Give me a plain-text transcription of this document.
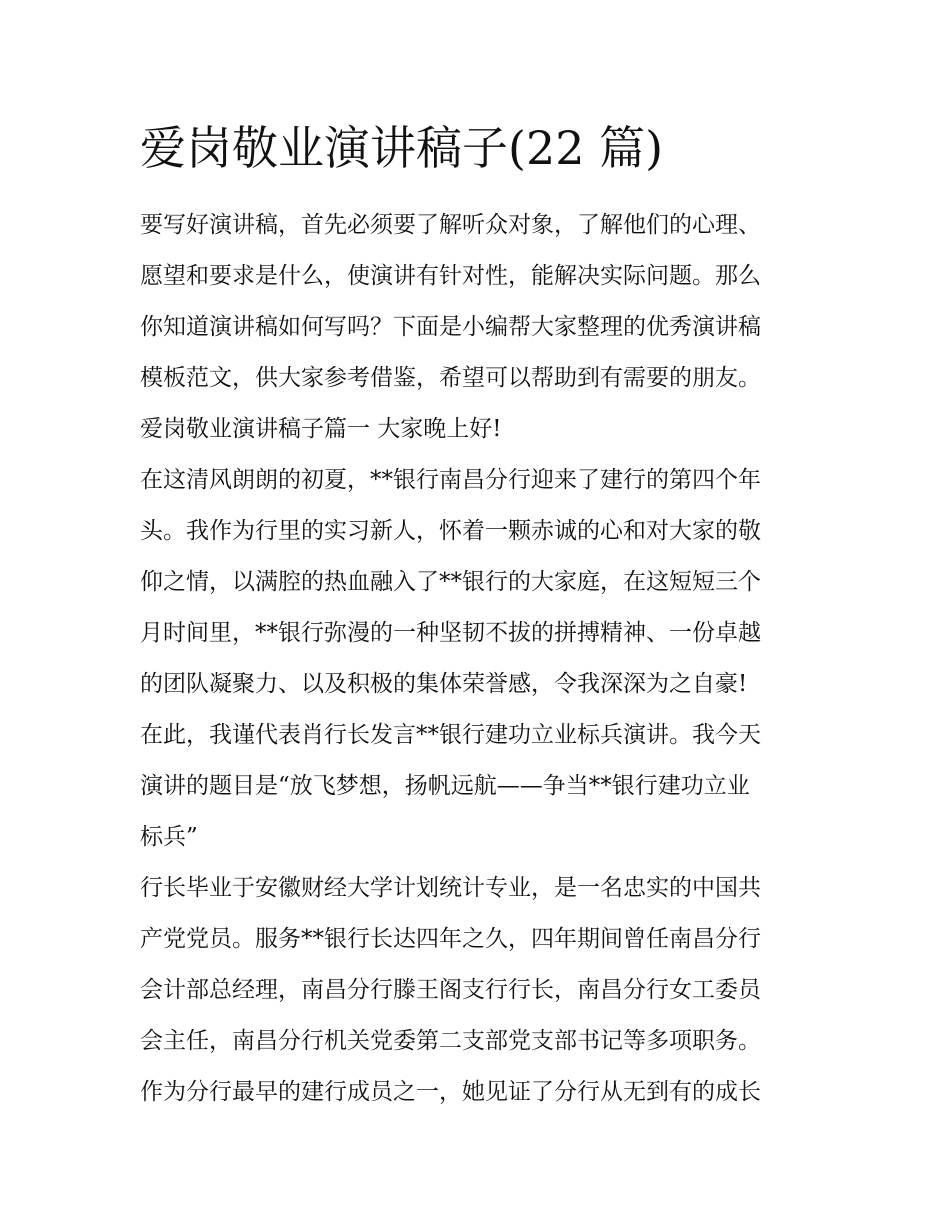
爱岗敬业演讲稿子(22 篇)
要写好演讲稿，首先必须要了解听众对象，了解他们的心理、
愿望和要求是什么，使演讲有针对性，能解决实际问题。那么
你知道演讲稿如何写吗？下面是小编帮大家整理的优秀演讲稿
模板范文，供大家参考借鉴，希望可以帮助到有需要的朋友。
爱岗敬业演讲稿子篇一 大家晚上好!
在这清风朗朗的初夏，**银行南昌分行迎来了建行的第四个年
头。我作为行里的实习新人，怀着一颗赤诚的心和对大家的敬
仰之情，以满腔的热血融入了**银行的大家庭，在这短短三个
月时间里，**银行弥漫的一种坚韧不拔的拼搏精神、一份卓越
的团队凝聚力、以及积极的集体荣誉感，令我深深为之自豪!
在此，我谨代表肖行长发言**银行建功立业标兵演讲。我今天
演讲的题目是“放飞梦想，扬帆远航——争当**银行建功立业
标兵”
行长毕业于安徽财经大学计划统计专业，是一名忠实的中国共
产党党员。服务**银行长达四年之久，四年期间曾任南昌分行
会计部总经理，南昌分行滕王阁支行行长，南昌分行女工委员
会主任，南昌分行机关党委第二支部党支部书记等多项职务。
作为分行最早的建行成员之一，她见证了分行从无到有的成长
